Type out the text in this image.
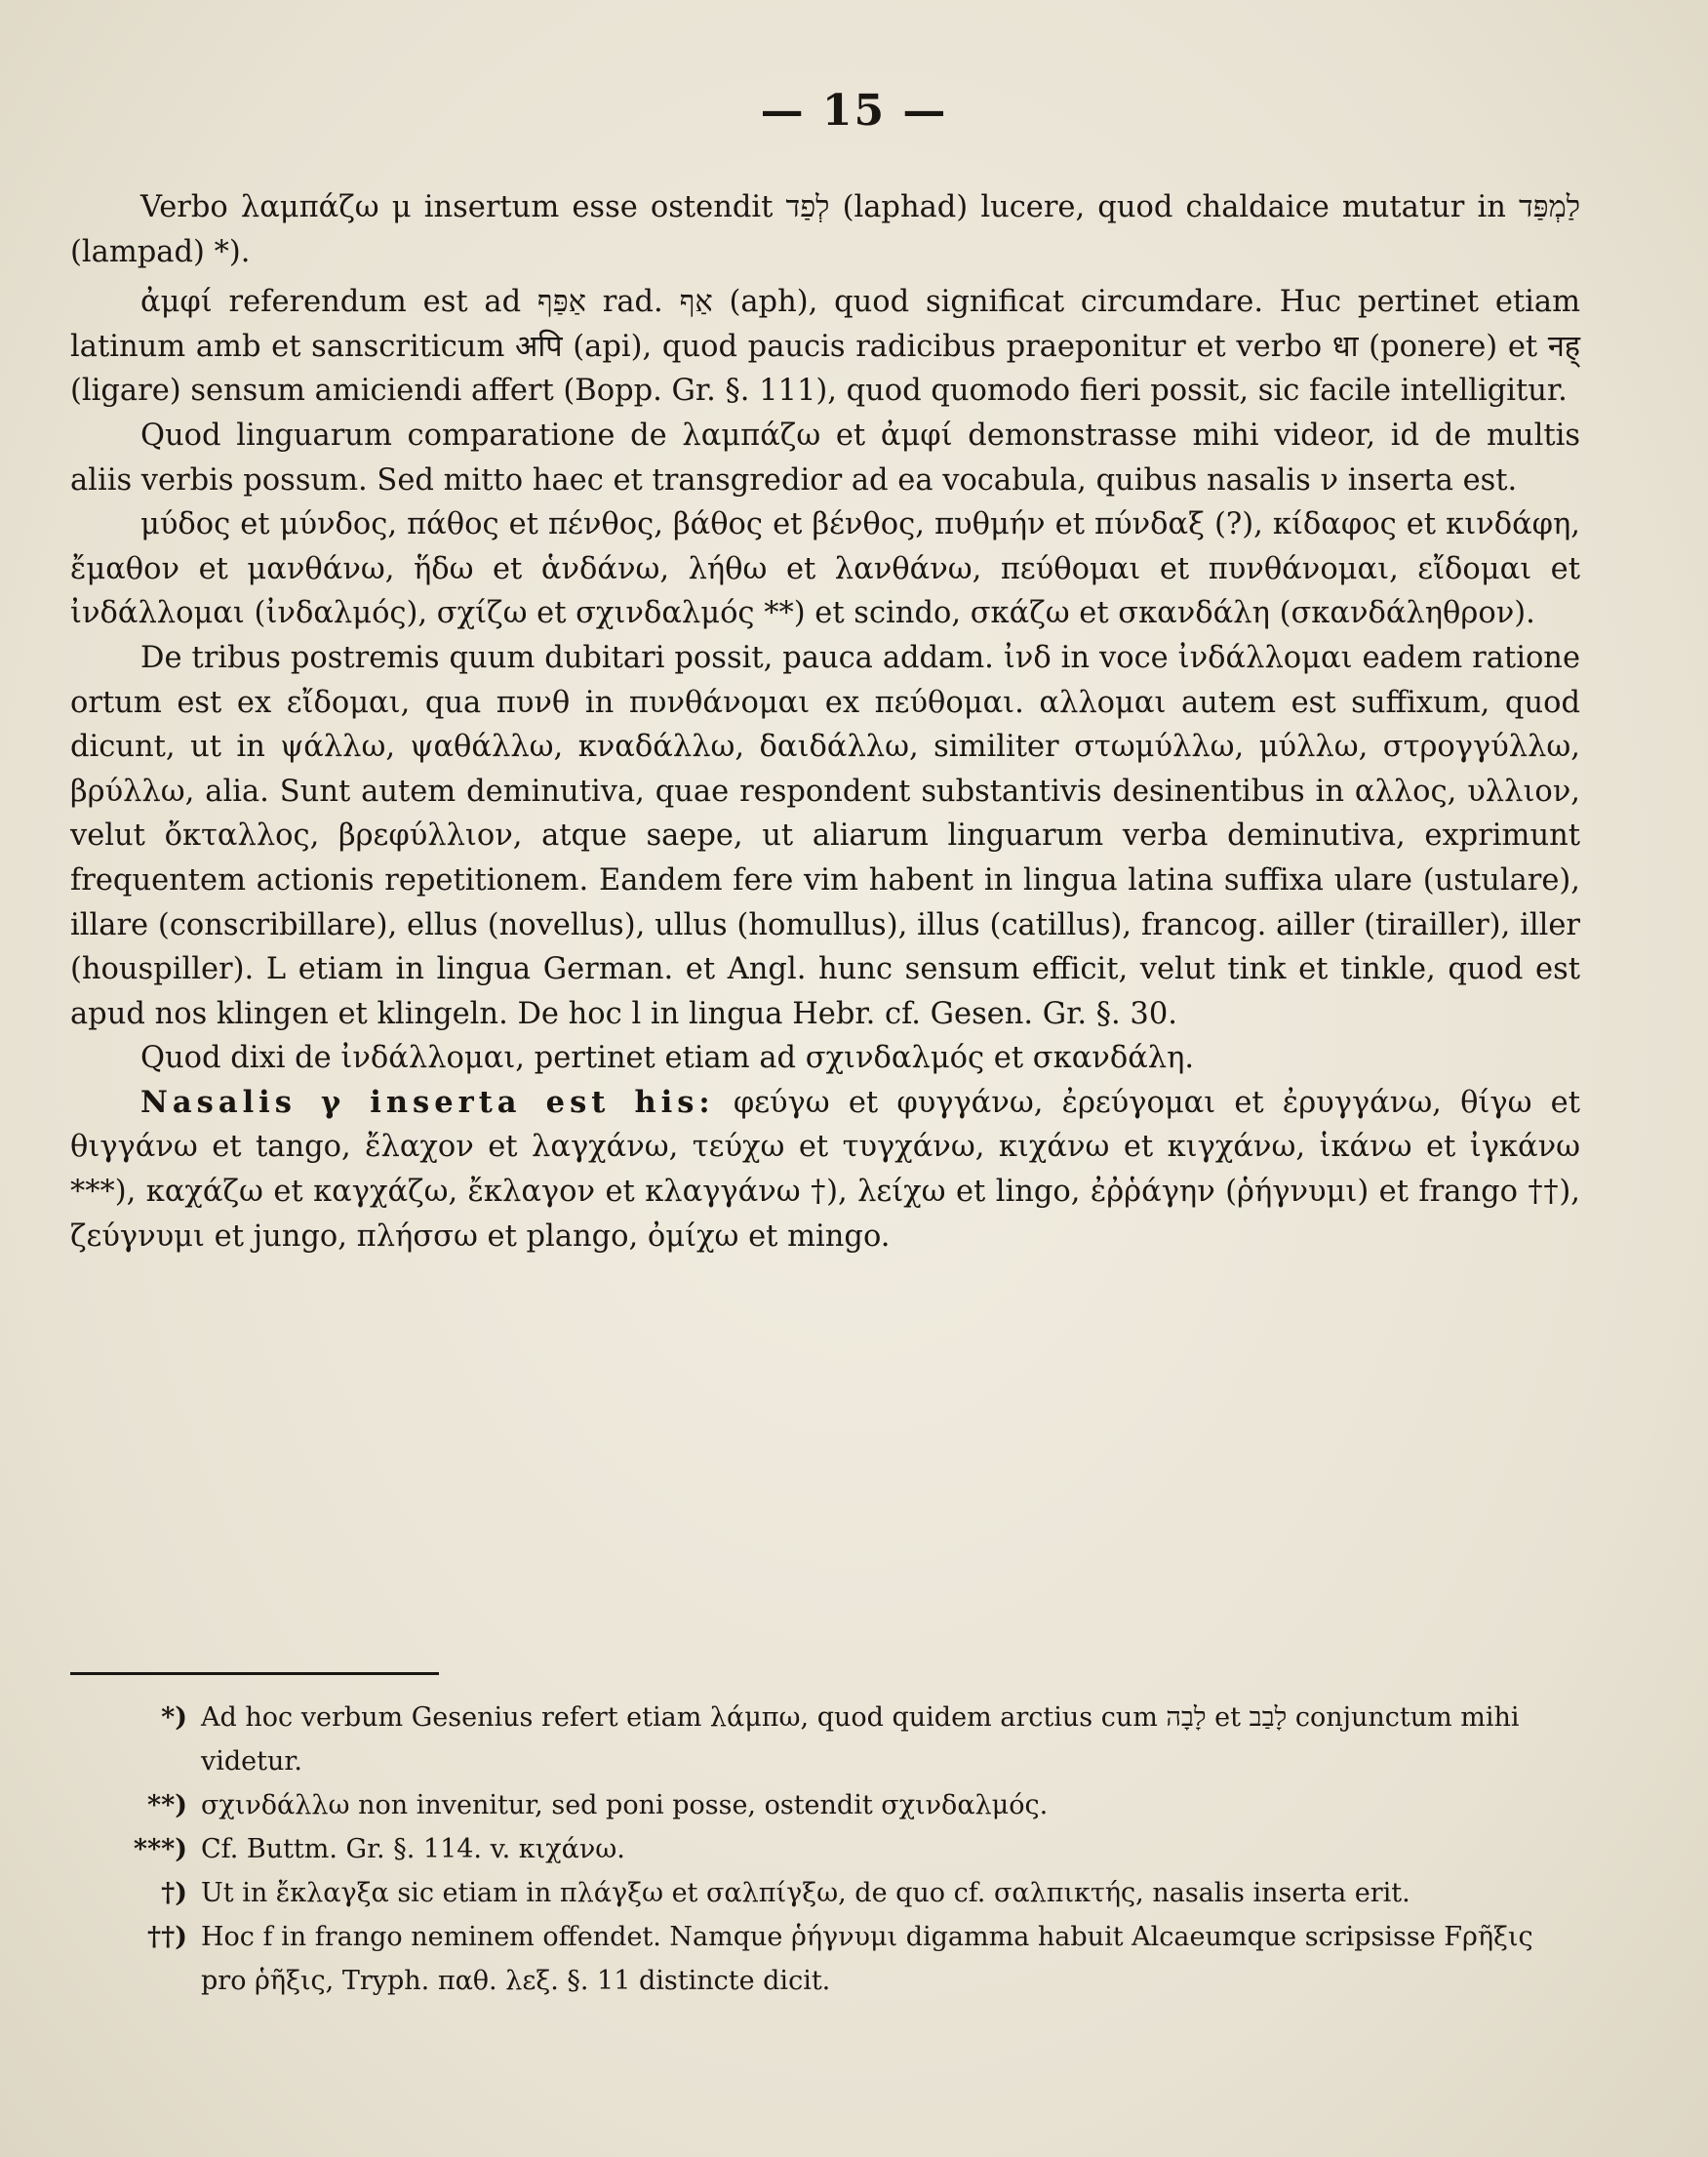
— 15 —

Verbo λαμπάζω μ insertum esse ostendit לְפַד (laphad) lucere, quod chaldaice mutatur in לַמְפַּד (lampad) *).

ἀμφί referendum est ad אַפַּף rad. אַף (aph), quod significat circumdare. Huc pertinet etiam latinum amb et sanscriticum अपि (api), quod paucis radicibus praeponitur et verbo धा (ponere) et नह् (ligare) sensum amiciendi affert (Bopp. Gr. §. 111), quod quomodo fieri possit, sic facile intelligitur.

Quod linguarum comparatione de λαμπάζω et ἀμφί demonstrasse mihi videor, id de multis aliis verbis possum. Sed mitto haec et transgredior ad ea vocabula, quibus nasalis ν inserta est.

μύδος et μύνδος, πάθος et πένθος, βάθος et βένθος, πυθμήν et πύνδαξ (?), κίδαφος et κινδάφη, ἔμαθον et μανθάνω, ἥδω et ἁνδάνω, λήθω et λανθάνω, πεύθομαι et πυνθάνομαι, εἴδομαι et ἰνδάλλομαι (ἰνδαλμός), σχίζω et σχινδαλμός **) et scindo, σκάζω et σκανδάλη (σκανδάληθρον).

De tribus postremis quum dubitari possit, pauca addam. ἰνδ in voce ἰνδάλλομαι eadem ratione ortum est ex εἴδομαι, qua πυνθ in πυνθάνομαι ex πεύθομαι. αλλομαι autem est suffixum, quod dicunt, ut in ψάλλω, ψαθάλλω, κναδάλλω, δαιδάλλω, similiter στωμύλλω, μύλλω, στρογγύλλω, βρύλλω, alia. Sunt autem deminutiva, quae respondent substantivis desinentibus in αλλος, υλλιον, velut ὄκταλλος, βρεφύλλιον, atque saepe, ut aliarum linguarum verba deminutiva, exprimunt frequentem actionis repetitionem. Eandem fere vim habent in lingua latina suffixa ulare (ustulare), illare (conscribillare), ellus (novellus), ullus (homullus), illus (catillus), francog. ailler (tirailler), iller (houspiller). L etiam in lingua German. et Angl. hunc sensum efficit, velut tink et tinkle, quod est apud nos klingen et klingeln. De hoc l in lingua Hebr. cf. Gesen. Gr. §. 30.

Quod dixi de ἰνδάλλομαι, pertinet etiam ad σχινδαλμός et σκανδάλη.

Nasalis γ inserta est his: φεύγω et φυγγάνω, ἐρεύγομαι et ἐρυγγάνω, θίγω et θιγγάνω et tango, ἔλαχον et λαγχάνω, τεύχω et τυγχάνω, κιχάνω et κιγχάνω, ἱκάνω et ἰγκάνω ***), καχάζω et καγχάζω, ἔκλαγον et κλαγγάνω †), λείχω et lingo, ἐῤῥάγην (ῥήγνυμι) et frango ††), ζεύγνυμι et jungo, πλήσσω et plango, ὀμίχω et mingo.

*) Ad hoc verbum Gesenius refert etiam λάμπω, quod quidem arctius cum לָבָה et לָבַב conjunctum mihi videtur.
**) σχινδάλλω non invenitur, sed poni posse, ostendit σχινδαλμός.
***) Cf. Buttm. Gr. §. 114. v. κιχάνω.
†) Ut in ἔκλαγξα sic etiam in πλάγξω et σαλπίγξω, de quo cf. σαλπικτής, nasalis inserta erit.
††) Hoc f in frango neminem offendet. Namque ῥήγνυμι digamma habuit Alcaeumque scripsisse Fρῆξις pro ῥῆξις, Tryph. παθ. λεξ. §. 11 distincte dicit.
